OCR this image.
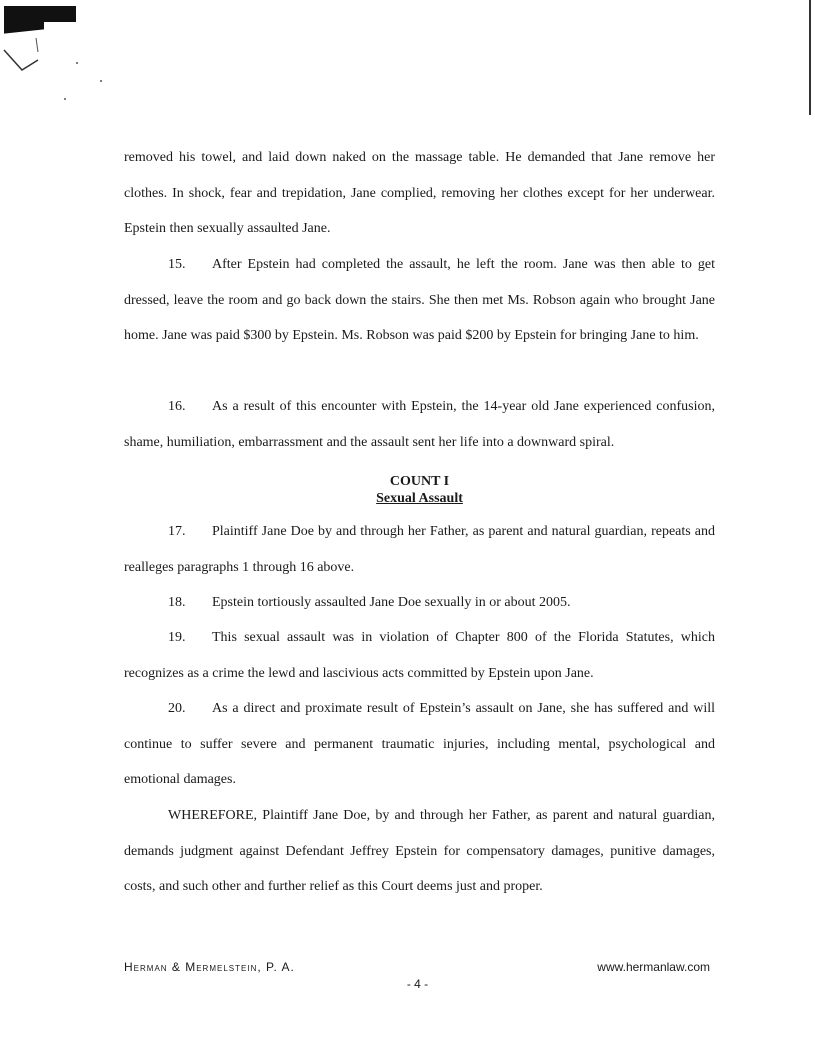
removed his towel, and laid down naked on the massage table. He demanded that Jane remove her clothes. In shock, fear and trepidation, Jane complied, removing her clothes except for her underwear. Epstein then sexually assaulted Jane.

15. After Epstein had completed the assault, he left the room. Jane was then able to get dressed, leave the room and go back down the stairs. She then met Ms. Robson again who brought Jane home. Jane was paid $300 by Epstein. Ms. Robson was paid $200 by Epstein for bringing Jane to him.

16. As a result of this encounter with Epstein, the 14-year old Jane experienced confusion, shame, humiliation, embarrassment and the assault sent her life into a downward spiral.

COUNT I
Sexual Assault

17. Plaintiff Jane Doe by and through her Father, as parent and natural guardian, repeats and realleges paragraphs 1 through 16 above.

18. Epstein tortiously assaulted Jane Doe sexually in or about 2005.

19. This sexual assault was in violation of Chapter 800 of the Florida Statutes, which recognizes as a crime the lewd and lascivious acts committed by Epstein upon Jane.

20. As a direct and proximate result of Epstein’s assault on Jane, she has suffered and will continue to suffer severe and permanent traumatic injuries, including mental, psychological and emotional damages.

WHEREFORE, Plaintiff Jane Doe, by and through her Father, as parent and natural guardian, demands judgment against Defendant Jeffrey Epstein for compensatory damages, punitive damages, costs, and such other and further relief as this Court deems just and proper.

Herman & Mermelstein, P. A.	www.hermanlaw.com
- 4 -
